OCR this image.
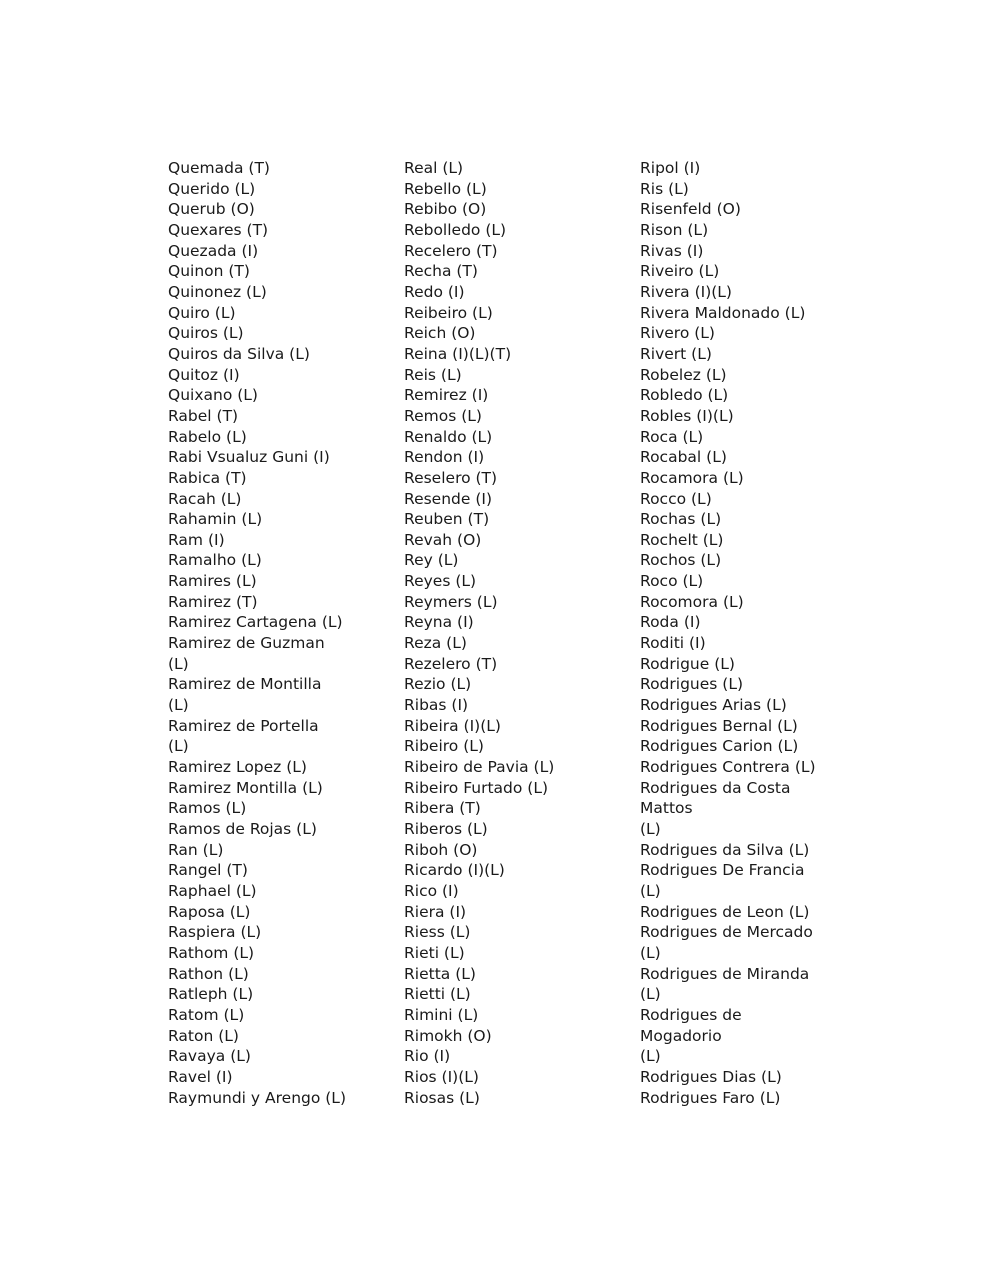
Quemada (T)
Querido (L)
Querub (O)
Quexares (T)
Quezada (I)
Quinon (T)
Quinonez (L)
Quiro (L)
Quiros (L)
Quiros da Silva (L)
Quitoz (I)
Quixano (L)
Rabel (T)
Rabelo (L)
Rabi Vsualuz Guni (I)
Rabica (T)
Racah (L)
Rahamin (L)
Ram (I)
Ramalho (L)
Ramires (L)
Ramirez (T)
Ramirez Cartagena (L)
Ramirez de Guzman
(L)
Ramirez de Montilla
(L)
Ramirez de Portella
(L)
Ramirez Lopez (L)
Ramirez Montilla (L)
Ramos (L)
Ramos de Rojas (L)
Ran (L)
Rangel (T)
Raphael (L)
Raposa (L)
Raspiera (L)
Rathom (L)
Rathon (L)
Ratleph (L)
Ratom (L)
Raton (L)
Ravaya (L)
Ravel (I)
Raymundi y Arengo (L)
Real (L)
Rebello (L)
Rebibo (O)
Rebolledo (L)
Recelero (T)
Recha (T)
Redo (I)
Reibeiro (L)
Reich (O)
Reina (I)(L)(T)
Reis (L)
Remirez (I)
Remos (L)
Renaldo (L)
Rendon (I)
Reselero (T)
Resende (I)
Reuben (T)
Revah (O)
Rey (L)
Reyes (L)
Reymers (L)
Reyna (I)
Reza (L)
Rezelero (T)
Rezio (L)
Ribas (I)
Ribeira (I)(L)
Ribeiro (L)
Ribeiro de Pavia (L)
Ribeiro Furtado (L)
Ribera (T)
Riberos (L)
Riboh (O)
Ricardo (I)(L)
Rico (I)
Riera (I)
Riess (L)
Rieti (L)
Rietta (L)
Rietti (L)
Rimini (L)
Rimokh (O)
Rio (I)
Rios (I)(L)
Riosas (L)
Ripol (I)
Ris (L)
Risenfeld (O)
Rison (L)
Rivas (I)
Riveiro (L)
Rivera (I)(L)
Rivera Maldonado (L)
Rivero (L)
Rivert (L)
Robelez (L)
Robledo (L)
Robles (I)(L)
Roca (L)
Rocabal (L)
Rocamora (L)
Rocco (L)
Rochas (L)
Rochelt (L)
Rochos (L)
Roco (L)
Rocomora (L)
Roda (I)
Roditi (I)
Rodrigue (L)
Rodrigues (L)
Rodrigues Arias (L)
Rodrigues Bernal (L)
Rodrigues Carion (L)
Rodrigues Contrera (L)
Rodrigues da Costa
Mattos
(L)
Rodrigues da Silva (L)
Rodrigues De Francia
(L)
Rodrigues de Leon (L)
Rodrigues de Mercado
(L)
Rodrigues de Miranda
(L)
Rodrigues de
Mogadorio
(L)
Rodrigues Dias (L)
Rodrigues Faro (L)
